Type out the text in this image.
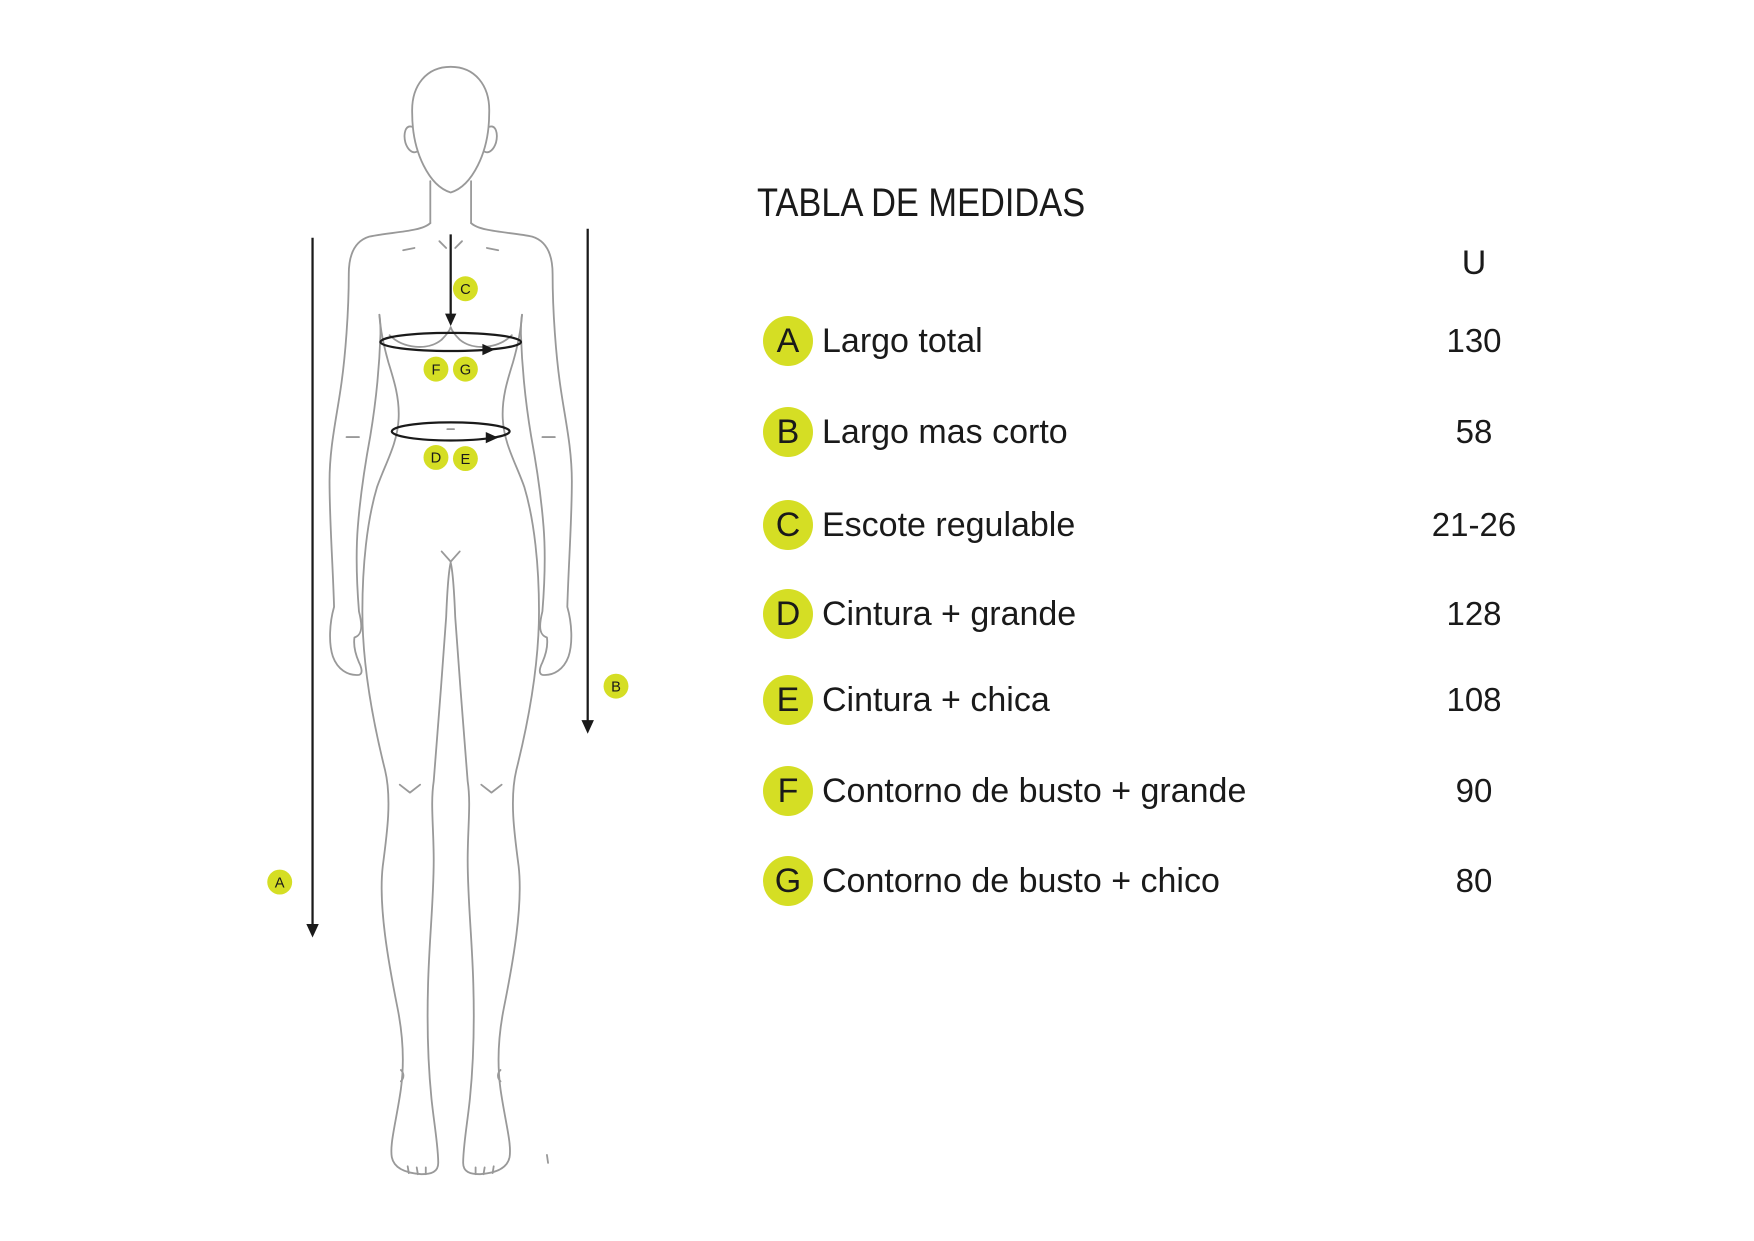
A
B
C
D E
F G
TABLA DE MEDIDAS
U
A Largo total	130
B Largo mas corto	58
C Escote regulable	21-26
D Cintura + grande	128
E Cintura + chica	108
F Contorno de busto + grande	90
G Contorno de busto + chico	80
